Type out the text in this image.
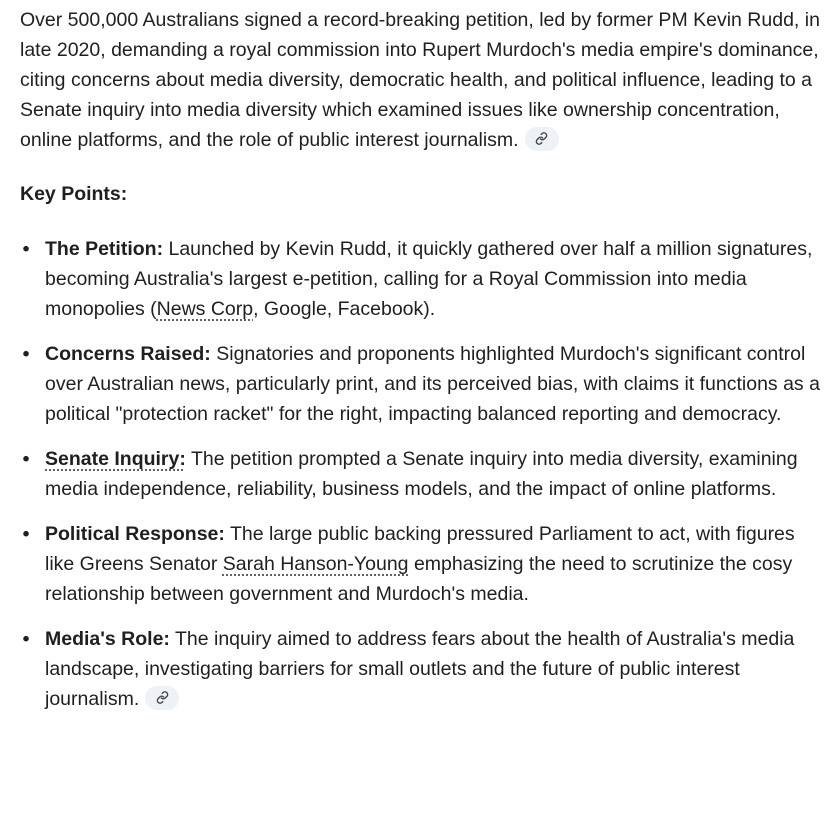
Over 500,000 Australians signed a record-breaking petition, led by former PM Kevin Rudd, in late 2020, demanding a royal commission into Rupert Murdoch's media empire's dominance, citing concerns about media diversity, democratic health, and political influence, leading to a Senate inquiry into media diversity which examined issues like ownership concentration, online platforms, and the role of public interest journalism.

Key Points:

• The Petition: Launched by Kevin Rudd, it quickly gathered over half a million signatures, becoming Australia's largest e-petition, calling for a Royal Commission into media monopolies (News Corp, Google, Facebook).
• Concerns Raised: Signatories and proponents highlighted Murdoch's significant control over Australian news, particularly print, and its perceived bias, with claims it functions as a political "protection racket" for the right, impacting balanced reporting and democracy.
• Senate Inquiry: The petition prompted a Senate inquiry into media diversity, examining media independence, reliability, business models, and the impact of online platforms.
• Political Response: The large public backing pressured Parliament to act, with figures like Greens Senator Sarah Hanson-Young emphasizing the need to scrutinize the cosy relationship between government and Murdoch's media.
• Media's Role: The inquiry aimed to address fears about the health of Australia's media landscape, investigating barriers for small outlets and the future of public interest journalism.
